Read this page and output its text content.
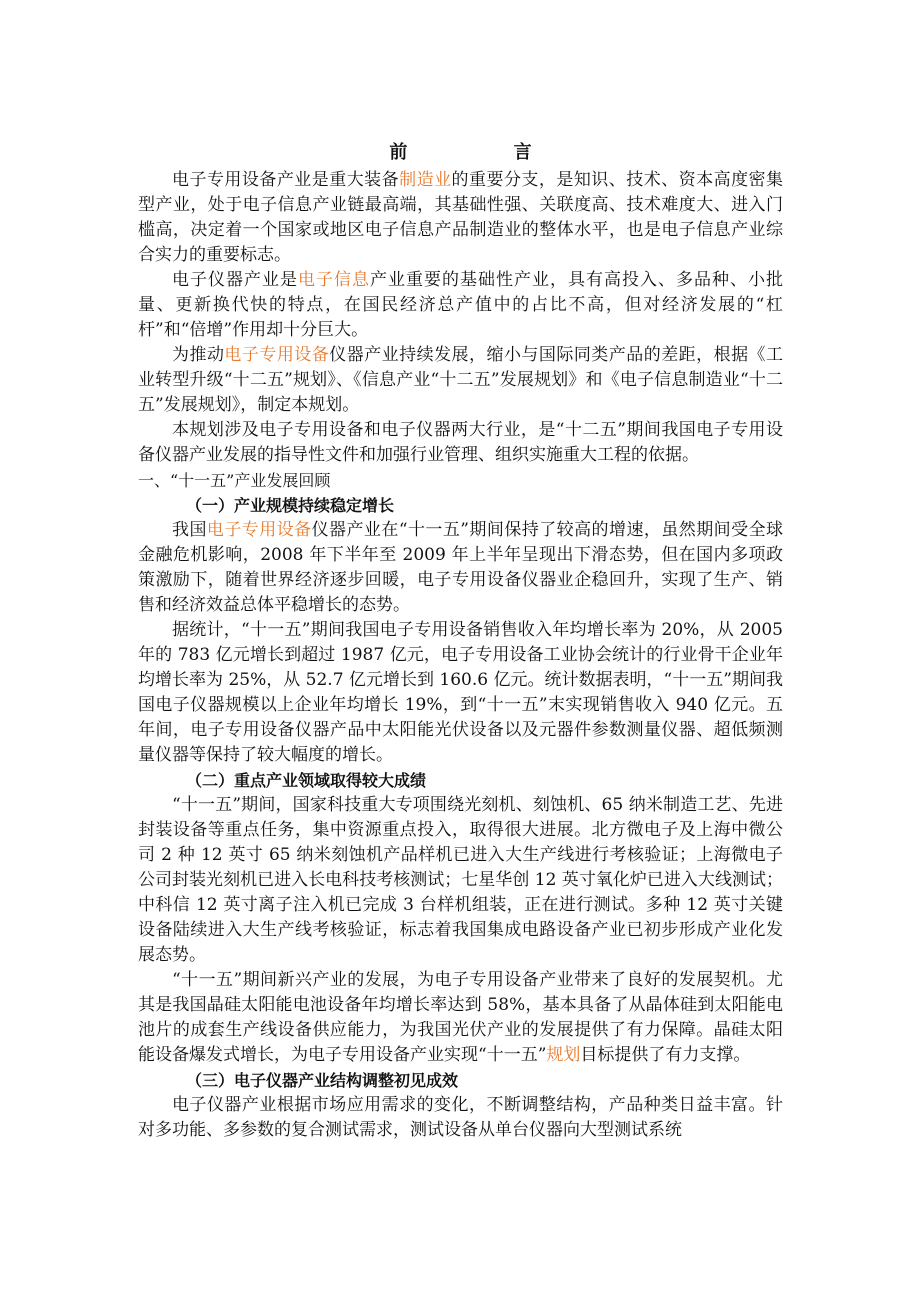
前 言

电子专用设备产业是重大装备制造业的重要分支，是知识、技术、资本高度密集型产业，处于电子信息产业链最高端，其基础性强、关联度高、技术难度大、进入门槛高，决定着一个国家或地区电子信息产品制造业的整体水平，也是电子信息产业综合实力的重要标志。

电子仪器产业是电子信息产业重要的基础性产业，具有高投入、多品种、小批量、更新换代快的特点，在国民经济总产值中的占比不高，但对经济发展的“杠杆”和“倍增”作用却十分巨大。

为推动电子专用设备仪器产业持续发展，缩小与国际同类产品的差距，根据《工业转型升级“十二五”规划》、《信息产业“十二五”发展规划》和《电子信息制造业“十二五”发展规划》，制定本规划。

本规划涉及电子专用设备和电子仪器两大行业，是“十二五”期间我国电子专用设备仪器产业发展的指导性文件和加强行业管理、组织实施重大工程的依据。

一、“十一五”产业发展回顾

（一）产业规模持续稳定增长

我国电子专用设备仪器产业在“十一五”期间保持了较高的增速，虽然期间受全球金融危机影响，2008 年下半年至 2009 年上半年呈现出下滑态势，但在国内多项政策激励下，随着世界经济逐步回暖，电子专用设备仪器业企稳回升，实现了生产、销售和经济效益总体平稳增长的态势。

据统计，“十一五”期间我国电子专用设备销售收入年均增长率为 20%，从 2005 年的 783 亿元增长到超过 1987 亿元，电子专用设备工业协会统计的行业骨干企业年均增长率为 25%，从 52.7 亿元增长到 160.6 亿元。统计数据表明，“十一五”期间我国电子仪器规模以上企业年均增长 19%，到“十一五”末实现销售收入 940 亿元。五年间，电子专用设备仪器产品中太阳能光伏设备以及元器件参数测量仪器、超低频测量仪器等保持了较大幅度的增长。

（二）重点产业领域取得较大成绩

“十一五”期间，国家科技重大专项围绕光刻机、刻蚀机、65 纳米制造工艺、先进封装设备等重点任务，集中资源重点投入，取得很大进展。北方微电子及上海中微公司 2 种 12 英寸 65 纳米刻蚀机产品样机已进入大生产线进行考核验证；上海微电子公司封装光刻机已进入长电科技考核测试；七星华创 12 英寸氧化炉已进入大线测试；中科信 12 英寸离子注入机已完成 3 台样机组装，正在进行测试。多种 12 英寸关键设备陆续进入大生产线考核验证，标志着我国集成电路设备产业已初步形成产业化发展态势。

“十一五”期间新兴产业的发展，为电子专用设备产业带来了良好的发展契机。尤其是我国晶硅太阳能电池设备年均增长率达到 58%，基本具备了从晶体硅到太阳能电池片的成套生产线设备供应能力，为我国光伏产业的发展提供了有力保障。晶硅太阳能设备爆发式增长，为电子专用设备产业实现“十一五”规划目标提供了有力支撑。

（三）电子仪器产业结构调整初见成效

电子仪器产业根据市场应用需求的变化，不断调整结构，产品种类日益丰富。针对多功能、多参数的复合测试需求，测试设备从单台仪器向大型测试系统
